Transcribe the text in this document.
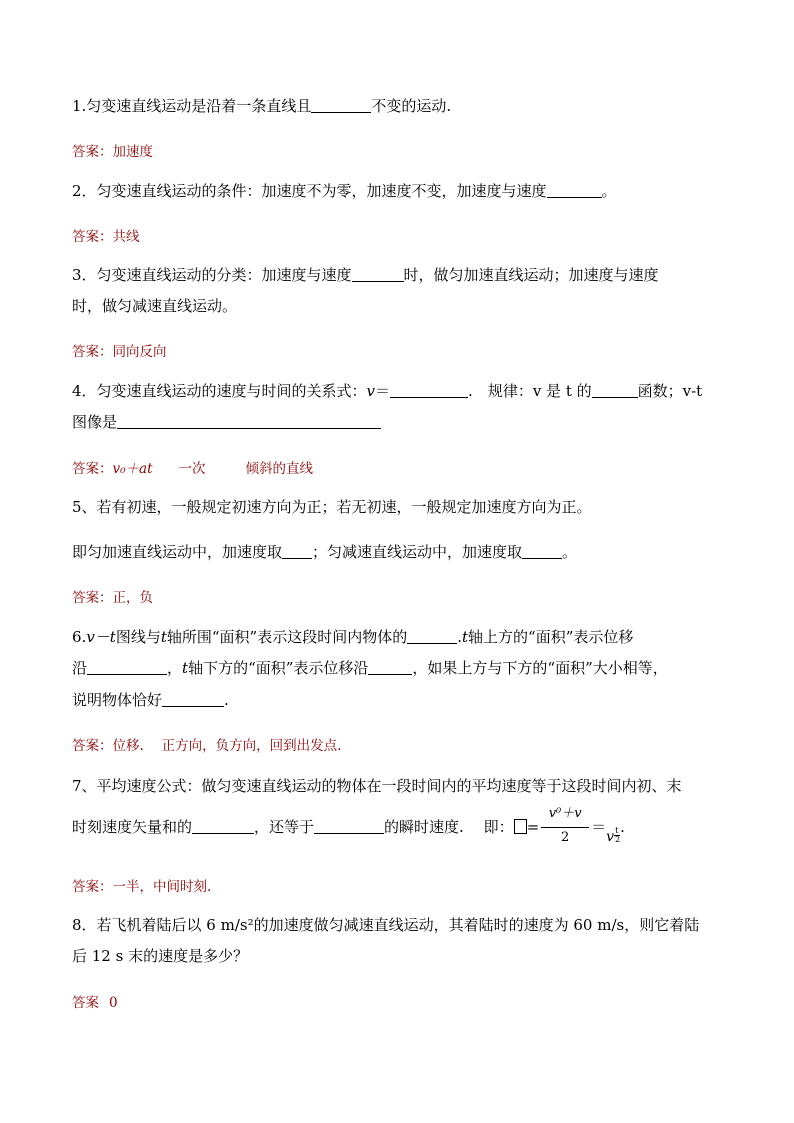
1.匀变速直线运动是沿着一条直线且	不变的运动.
答案：加速度
2．匀变速直线运动的条件：加速度不为零，加速度不变，加速度与速度	。
答案：共线
3．匀变速直线运动的分类：加速度与速度	时，做匀加速直线运动；加速度与速度
时，做匀减速直线运动。
答案：同向反向
4．匀变速直线运动的速度与时间的关系式：v＝	.　规律：v 是 t 的	函数；v-t
图像是
答案：v₀＋at 一次	倾斜的直线
5、若有初速，一般规定初速方向为正；若无初速，一般规定加速度方向为正。
即匀加速直线运动中，加速度取 ；匀减速直线运动中，加速度取	。
答案：正，负
6.v－t图线与t轴所围“面积”表示这段时间内物体的	.t轴上方的“面积”表示位移
沿	，t轴下方的“面积”表示位移沿	，如果上方与下方的“面积”大小相等，
说明物体恰好	.
答案：位移.　 正方向，负方向，回到出发点.
7、平均速度公式：做匀变速直线运动的物体在一段时间内的平均速度等于这段时间内初、末
时刻速度矢量和的	，还等于	的瞬时速度.　 即： = $\frac{\text{v⁰＋v}}{2}$ ＝
v t
2
.
答案：一半，中间时刻.
8．若飞机着陆后以 6 m/s²的加速度做匀减速直线运动，其着陆时的速度为 60 m/s，则它着陆
后 12 s 末的速度是多少？
答案 0
